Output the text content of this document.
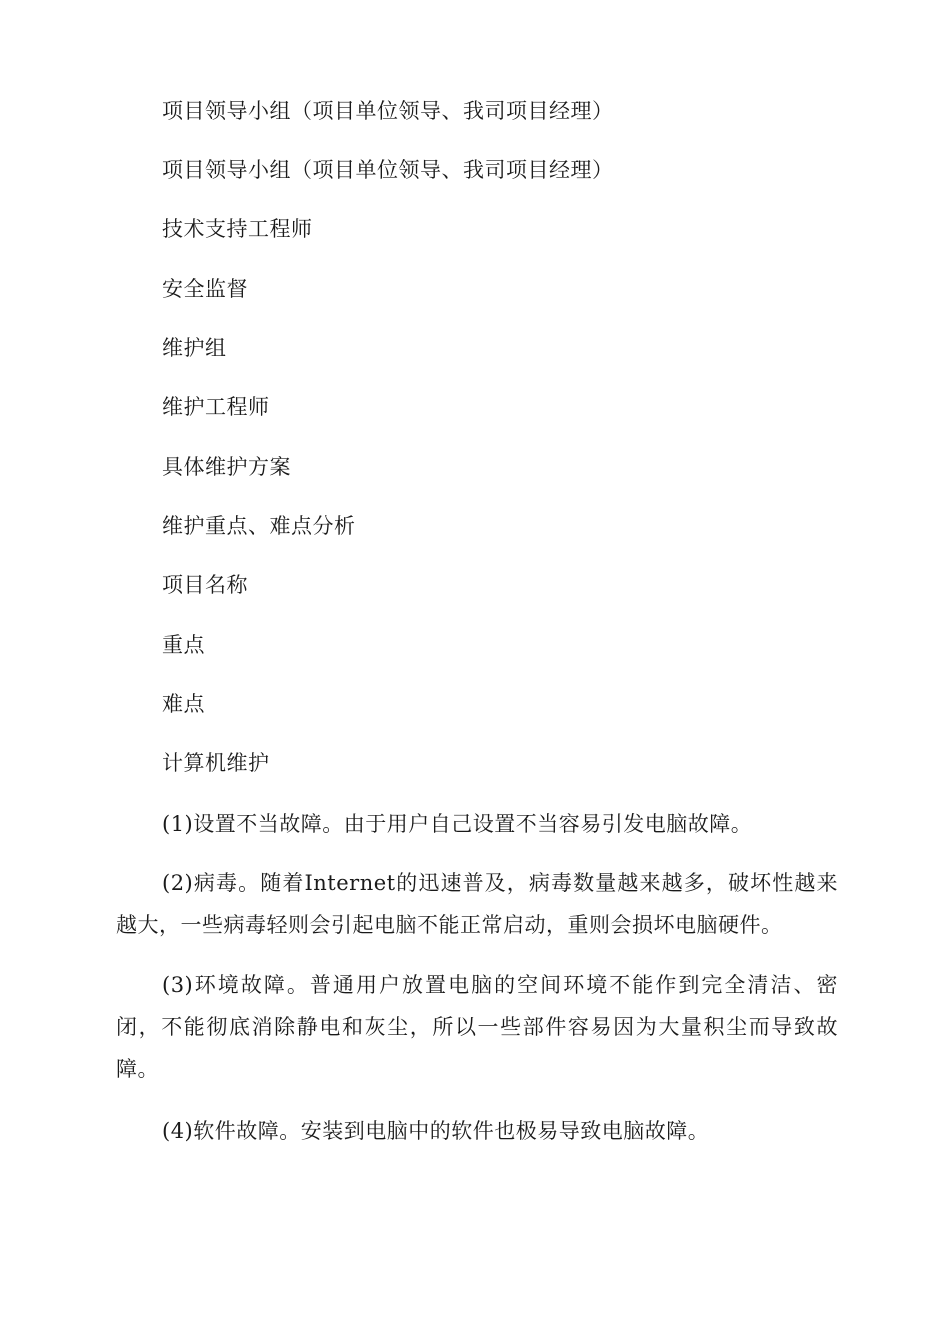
项目领导小组（项目单位领导、我司项目经理）
项目领导小组（项目单位领导、我司项目经理）
技术支持工程师
安全监督
维护组
维护工程师
具体维护方案
维护重点、难点分析
项目名称
重点
难点
计算机维护
(1)设置不当故障。由于用户自己设置不当容易引发电脑故障。
(2)病毒。随着Internet的迅速普及，病毒数量越来越多，破坏性越来越大，一些病毒轻则会引起电脑不能正常启动，重则会损坏电脑硬件。
(3)环境故障。普通用户放置电脑的空间环境不能作到完全清洁、密闭，不能彻底消除静电和灰尘，所以一些部件容易因为大量积尘而导致故障。
(4)软件故障。安装到电脑中的软件也极易导致电脑故障。
